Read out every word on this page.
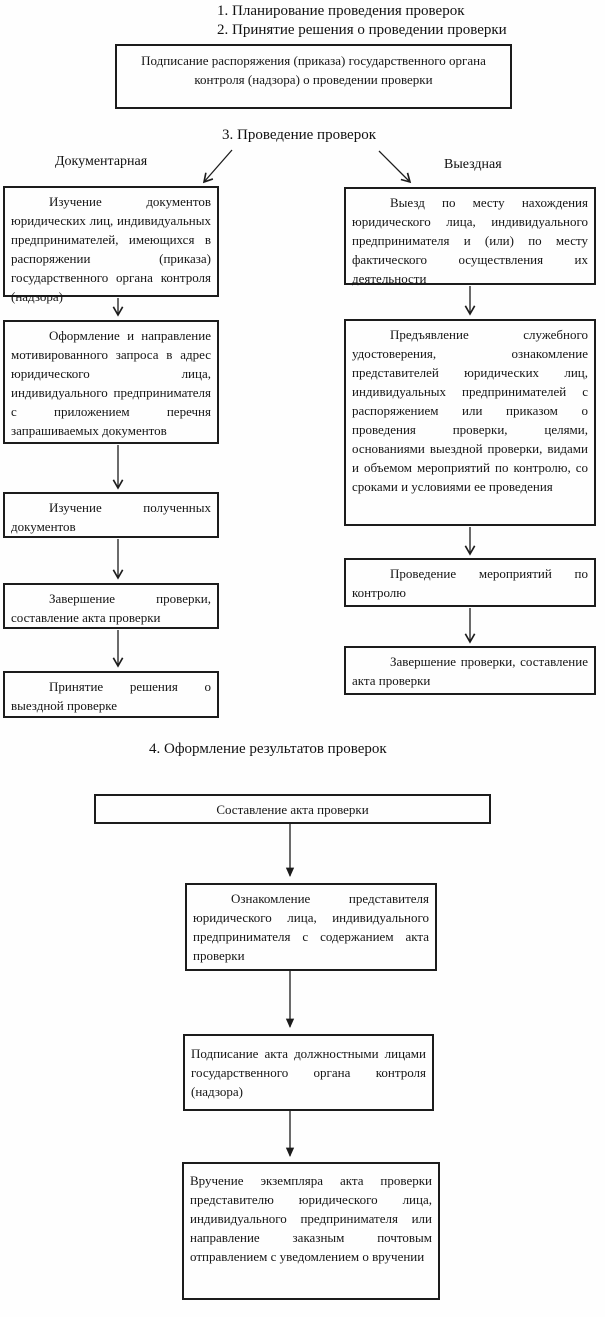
1. Планирование проведения проверок
2. Принятие решения о проведении проверки
Подписание распоряжения (приказа) государственного органа контроля (надзора) о проведении проверки
3. Проведение проверок
Документарная	Выездная
Изучение документов юридических лиц, индивидуальных предпринимателей, имеющихся в распоряжении (приказа) государственного органа контроля (надзора)
Оформление и направление мотивированного запроса в адрес юридического лица, индивидуального предпринимателя с приложением перечня запрашиваемых документов
Изучение полученных документов
Завершение проверки, составление акта проверки
Принятие решения о выездной проверке
Выезд по месту нахождения юридического лица, индивидуального предпринимателя и (или) по месту фактического осуществления их деятельности
Предъявление служебного удостоверения, ознакомление представителей юридических лиц, индивидуальных предпринимателей с распоряжением или приказом о проведения проверки, целями, основаниями выездной проверки, видами и объемом мероприятий по контролю, со сроками и условиями ее проведения
Проведение мероприятий по контролю
Завершение проверки, составление акта проверки
4. Оформление результатов проверок
Составление акта проверки
Ознакомление представителя юридического лица, индивидуального предпринимателя с содержанием акта проверки
Подписание акта должностными лицами государственного органа контроля (надзора)
Вручение экземпляра акта проверки представителю юридического лица, индивидуального предпринимателя или направление заказным почтовым отправлением с уведомлением о вручении
